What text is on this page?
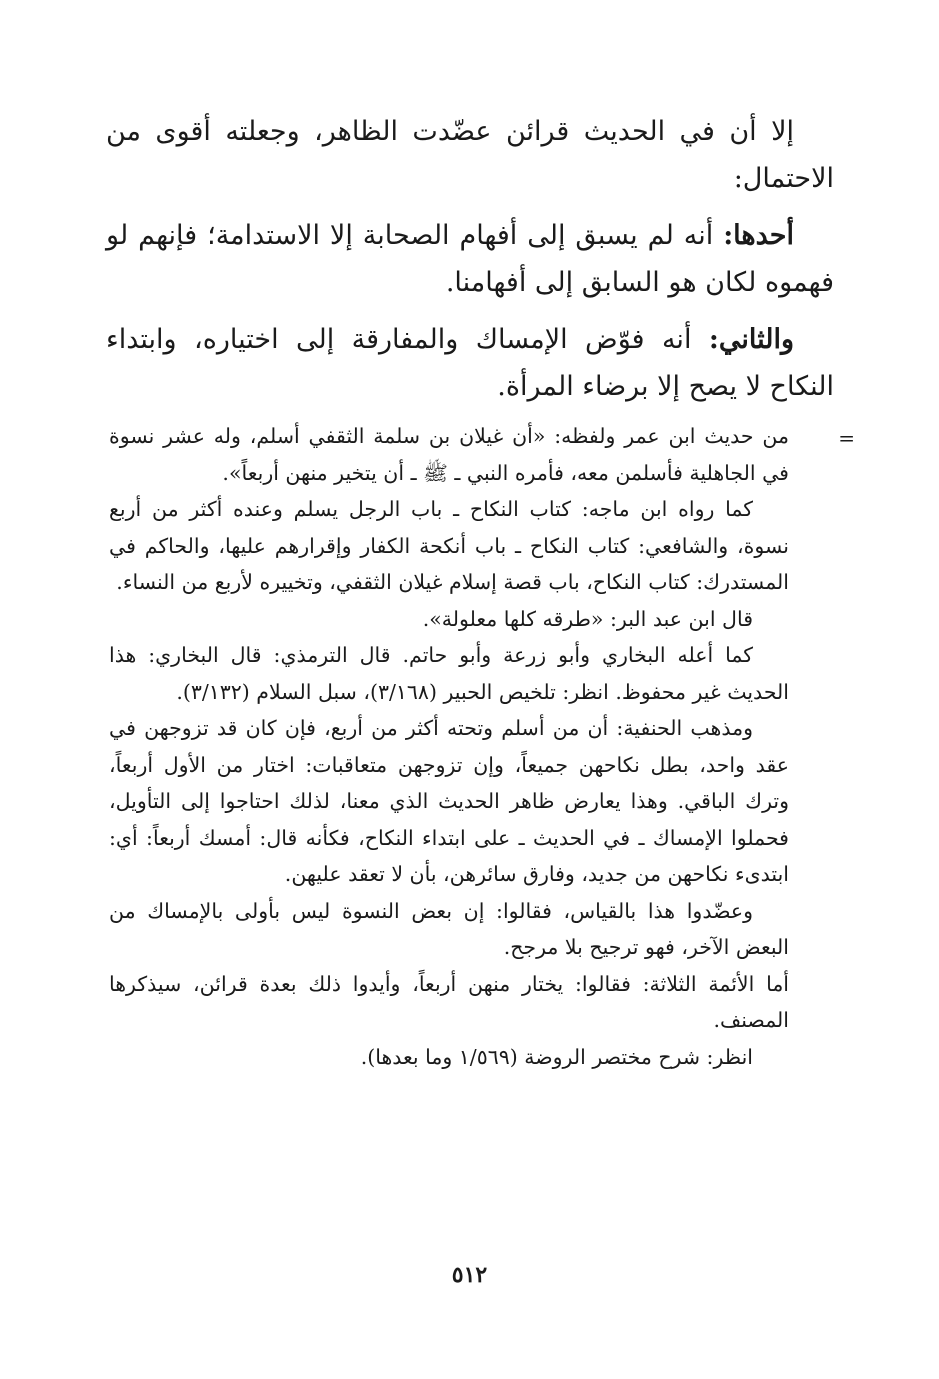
إلا أن في الحديث قرائن عضّدت الظاهر، وجعلته أقوى من الاحتمال:

أحدها: أنه لم يسبق إلى أفهام الصحابة إلا الاستدامة؛ فإنهم لو فهموه لكان هو السابق إلى أفهامنا.

والثاني: أنه فوّض الإمساك والمفارقة إلى اختياره، وابتداء النكاح لا يصح إلا برضاء المرأة.

=

من حديث ابن عمر ولفظه: «أن غيلان بن سلمة الثقفي أسلم، وله عشر نسوة في الجاهلية فأسلمن معه، فأمره النبي ـ ﷺ ـ أن يتخير منهن أربعاً».

كما رواه ابن ماجه: كتاب النكاح ـ باب الرجل يسلم وعنده أكثر من أربع نسوة، والشافعي: كتاب النكاح ـ باب أنكحة الكفار وإقرارهم عليها، والحاكم في المستدرك: كتاب النكاح، باب قصة إسلام غيلان الثقفي، وتخييره لأربع من النساء.

قال ابن عبد البر: «طرقه كلها معلولة».

كما أعله البخاري وأبو زرعة وأبو حاتم. قال الترمذي: قال البخاري: هذا الحديث غير محفوظ. انظر: تلخيص الحبير (٣/١٦٨)، سبل السلام (٣/١٣٢).

ومذهب الحنفية: أن من أسلم وتحته أكثر من أربع، فإن كان قد تزوجهن في عقد واحد، بطل نكاحهن جميعاً، وإن تزوجهن متعاقبات: اختار من الأول أربعاً، وترك الباقي. وهذا يعارض ظاهر الحديث الذي معنا، لذلك احتاجوا إلى التأويل، فحملوا الإمساك ـ في الحديث ـ على ابتداء النكاح، فكأنه قال: أمسك أربعاً: أي: ابتدىء نكاحهن من جديد، وفارق سائرهن، بأن لا تعقد عليهن.

وعضّدوا هذا بالقياس، فقالوا: إن بعض النسوة ليس بأولى بالإمساك من البعض الآخر، فهو ترجيح بلا مرجح.

أما الأئمة الثلاثة: فقالوا: يختار منهن أربعاً، وأيدوا ذلك بعدة قرائن، سيذكرها المصنف.

انظر: شرح مختصر الروضة (١/٥٦٩ وما بعدها).

٥١٢
